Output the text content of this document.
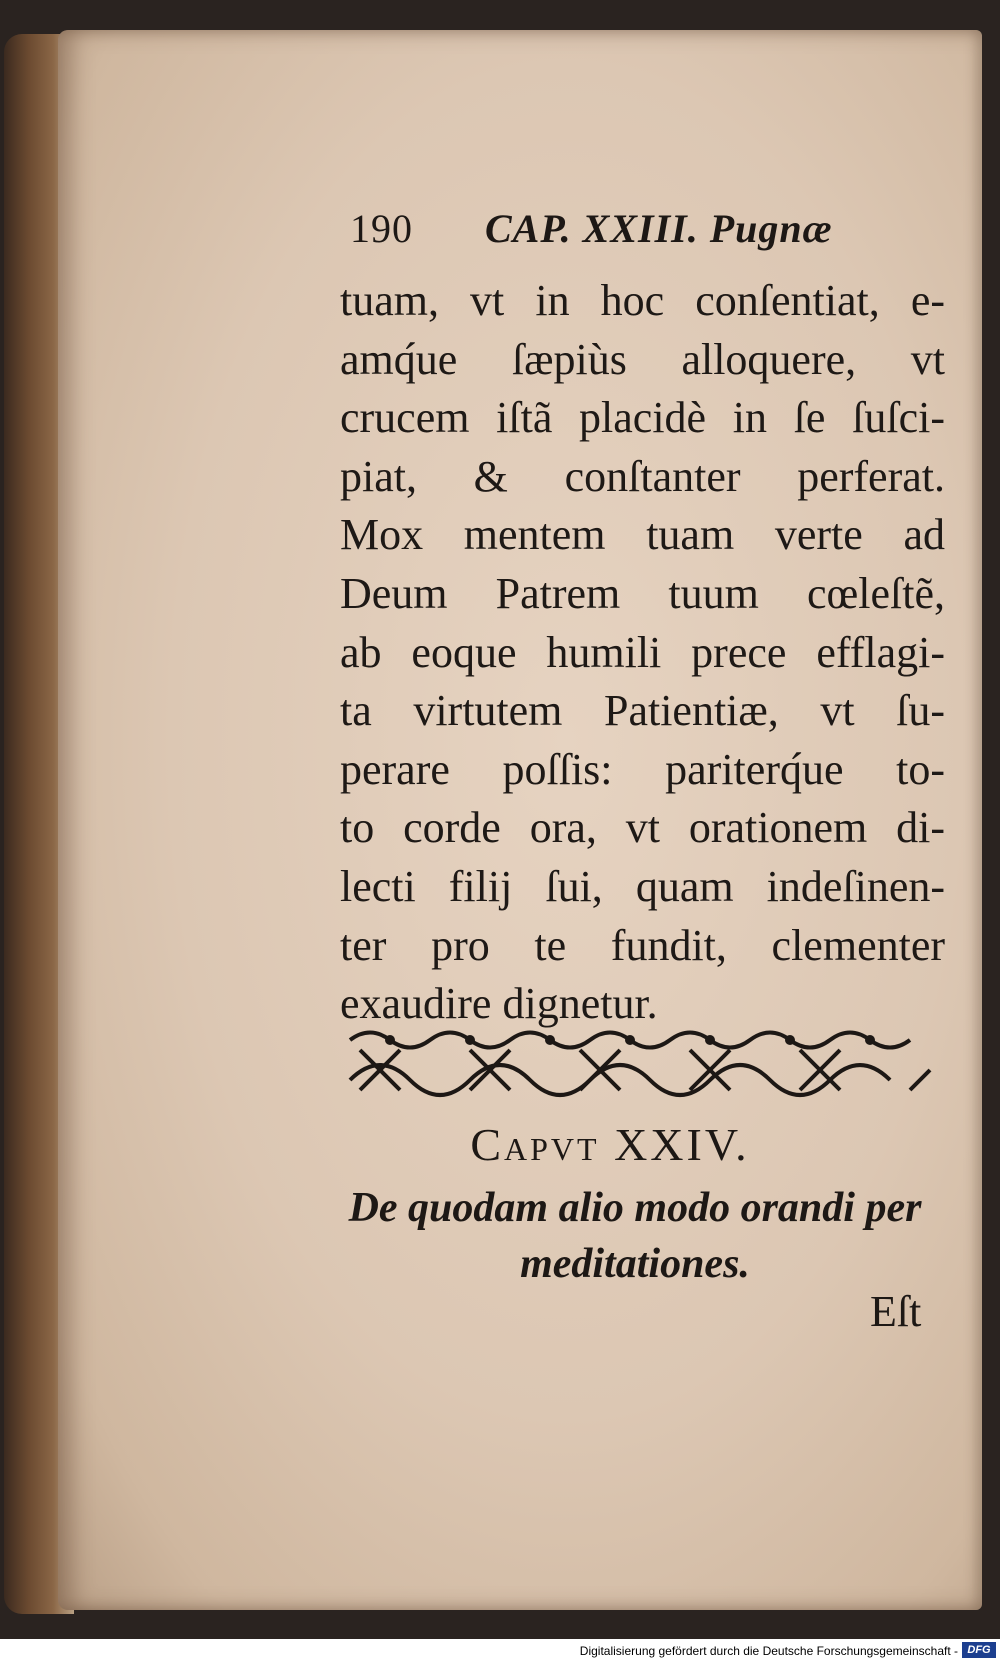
190 CAP. XXIII. Pugnæ
tuam, vt in hoc conſentiat, e-
amq́ue ſæpiùs alloquere, vt
crucem iſtã placidè in ſe ſuſci-
piat, & conſtanter perferat.
Mox mentem tuam verte ad
Deum Patrem tuum cœleſtẽ,
ab eoque humili prece efflagi-
ta virtutem Patientiæ, vt ſu-
perare poſſis: pariterq́ue to-
to corde ora, vt orationem di-
lecti filij ſui, quam indeſinen-
ter pro te fundit, clementer
exaudire dignetur.
Capvt XXIV.
De quodam alio modo orandi per
meditationes.
Eſt
Digitalisierung gefördert durch die Deutsche Forschungsgemeinschaft - DFG
